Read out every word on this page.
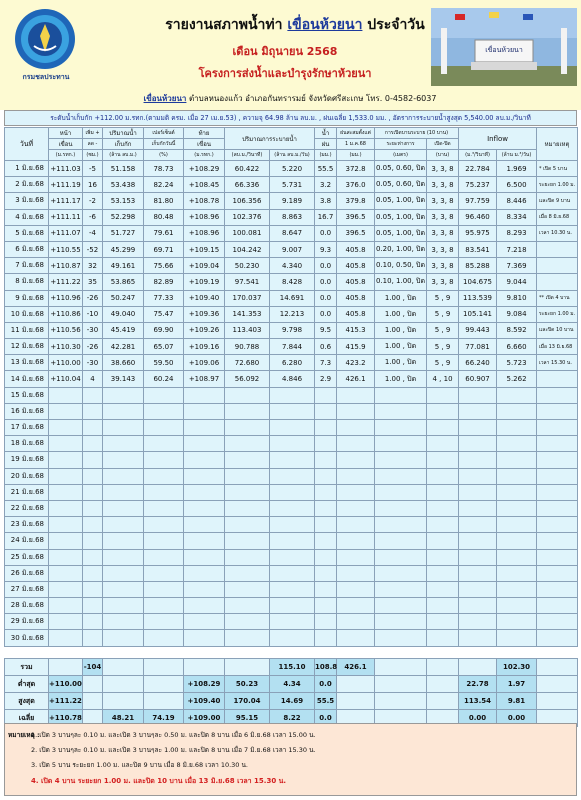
กรมชลประทาน
รายงานสภาพน้ำท่า เขื่อนห้วยนา ประจำวัน
เดือน มิถุนายน 2568
โครงการส่งน้ำและบำรุงรักษาห้วยนา
เขื่อนห้วยนา
เขื่อนห้วยนา ตำบลหนองแก้ว อำเภอกันทรารมย์ จังหวัดศรีสะเกษ โทร. 0-4582-6037
ระดับน้ำเก็บกัก +112.00 ม.รทก.(ตามมติ ครม. เมื่อ 27 เม.ย.53) , ความจุ 64.98 ล้าน ลบ.ม. , ฝนเฉลี่ย 1,533.0 มม. , อัตราการระบายน้ำสูงสุด 5,540.00 ลบ.ม./วินาที
วันที่	หน้า	เพิ่ม +	ปริมาณน้ำ	เปอร์เซ็นต์	ท้าย	ปริมาณการระบายน้ำ		น้ำ	ฝนสะสมตั้งแต่	การเปิดบานระบาย (10 บาน)		Inflow		หมายเหตุ
	เขื่อน	ลด -	เก็บกัก	เก็บกักวันนี้	เขื่อน			ฝน	1 ม.ค.68	ระยะห่างการ	เปิด-ปิด			
	(ม.รทก.)	(ซม.)	(ล้าน ลบ.ม.)	(%)	(ม.รทก.)	(ลบ.ม./วินาที)	(ล้าน ลบ.ม./วัน)	(มม.)	(มม.)	(เมตร)	(บาน)	(ม.³/วินาที)	(ล้าน ม.³/วัน)	
1 มิ.ย.68	+111.03	-5	51.158	78.73	+108.29	60.422	5.220	55.5	372.8	0.05, 0.60, ปิด	3, 3, 8	22.784	1.969	* เปิด 5 บาน
2 มิ.ย.68	+111.19	16	53.438	82.24	+108.45	66.336	5.731	3.2	376.0	0.05, 0.60, ปิด	3, 3, 8	75.237	6.500	ระยะยก 1.00 ม.
3 มิ.ย.68	+111.17	-2	53.153	81.80	+108.78	106.356	9.189	3.8	379.8	0.05, 1.00, ปิด	3, 3, 8	97.759	8.446	และปิด 9 บาน
4 มิ.ย.68	+111.11	-6	52.298	80.48	+108.96	102.376	8.863	16.7	396.5	0.05, 1.00, ปิด	3, 3, 8	96.460	8.334	เมื่อ 8 มิ.ย.68
5 มิ.ย.68	+111.07	-4	51.727	79.61	+108.96	100.081	8.647	0.0	396.5	0.05, 1.00, ปิด	3, 3, 8	95.975	8.293	เวลา 10.30 น.
6 มิ.ย.68	+110.55	-52	45.299	69.71	+109.15	104.242	9.007	9.3	405.8	0.20, 1.00, ปิด	3, 3, 8	83.541	7.218	
7 มิ.ย.68	+110.87	32	49.161	75.66	+109.04	50.230	4.340	0.0	405.8	0.10, 0.50, ปิด	3, 3, 8	85.288	7.369	
8 มิ.ย.68	+111.22	35	53.865	82.89	+109.19	97.541	8.428	0.0	405.8	0.10, 1.00, ปิด	3, 3, 8	104.675	9.044	
9 มิ.ย.68	+110.96	-26	50.247	77.33	+109.40	170.037	14.691	0.0	405.8	1.00 , ปิด	5 , 9	113.539	9.810	** เปิด 4 บาน
10 มิ.ย.68	+110.86	-10	49.040	75.47	+109.36	141.353	12.213	0.0	405.8	1.00 , ปิด	5 , 9	105.141	9.084	ระยะยก 1.00 ม.
11 มิ.ย.68	+110.56	-30	45.419	69.90	+109.26	113.403	9.798	9.5	415.3	1.00 , ปิด	5 , 9	99.443	8.592	และปิด 10 บาน
12 มิ.ย.68	+110.30	-26	42.281	65.07	+109.16	90.788	7.844	0.6	415.9	1.00 , ปิด	5 , 9	77.081	6.660	เมื่อ 13 มิ.ย.68
13 มิ.ย.68	+110.00	-30	38.660	59.50	+109.06	72.680	6.280	7.3	423.2	1.00 , ปิด	5 , 9	66.240	5.723	เวลา 15.30 น.
14 มิ.ย.68	+110.04	4	39.143	60.24	+108.97	56.092	4.846	2.9	426.1	1.00 , ปิด	4 , 10	60.907	5.262	
15 มิ.ย.68														
16 มิ.ย.68														
17 มิ.ย.68														
18 มิ.ย.68														
19 มิ.ย.68														
20 มิ.ย.68														
21 มิ.ย.68														
22 มิ.ย.68														
23 มิ.ย.68														
24 มิ.ย.68														
25 มิ.ย.68														
26 มิ.ย.68														
27 มิ.ย.68														
28 มิ.ย.68														
29 มิ.ย.68														
30 มิ.ย.68														
รวม		-104					115.10	108.8	426.1				102.30	
ต่ำสุด	+110.00				+108.29	50.23	4.34	0.0				22.78	1.97	
สูงสุด	+111.22				+109.40	170.04	14.69	55.5				113.54	9.81	
เฉลี่ย	+110.78		48.21	74.19	+109.00	95.15	8.22	0.0				0.00	0.00	
หมายเหตุ :
1. เปิด 3 บานๆละ 0.10 ม. และเปิด 3 บานๆละ 0.50 ม. และปิด 8 บาน เมื่อ 6 มิ.ย.68 เวลา 15.00 น.
2. เปิด 3 บานๆละ 0.10 ม. และเปิด 3 บานๆละ 1.00 ม. และปิด 8 บาน เมื่อ 7 มิ.ย.68 เวลา 15.30 น.
3. เปิด 5 บาน ระยะยก 1.00 ม. และปิด 9 บาน เมื่อ 8 มิ.ย.68 เวลา 10.30 น.
4. เปิด 4 บาน ระยะยก 1.00 ม. และปิด 10 บาน เมื่อ 13 มิ.ย.68 เวลา 15.30 น.
